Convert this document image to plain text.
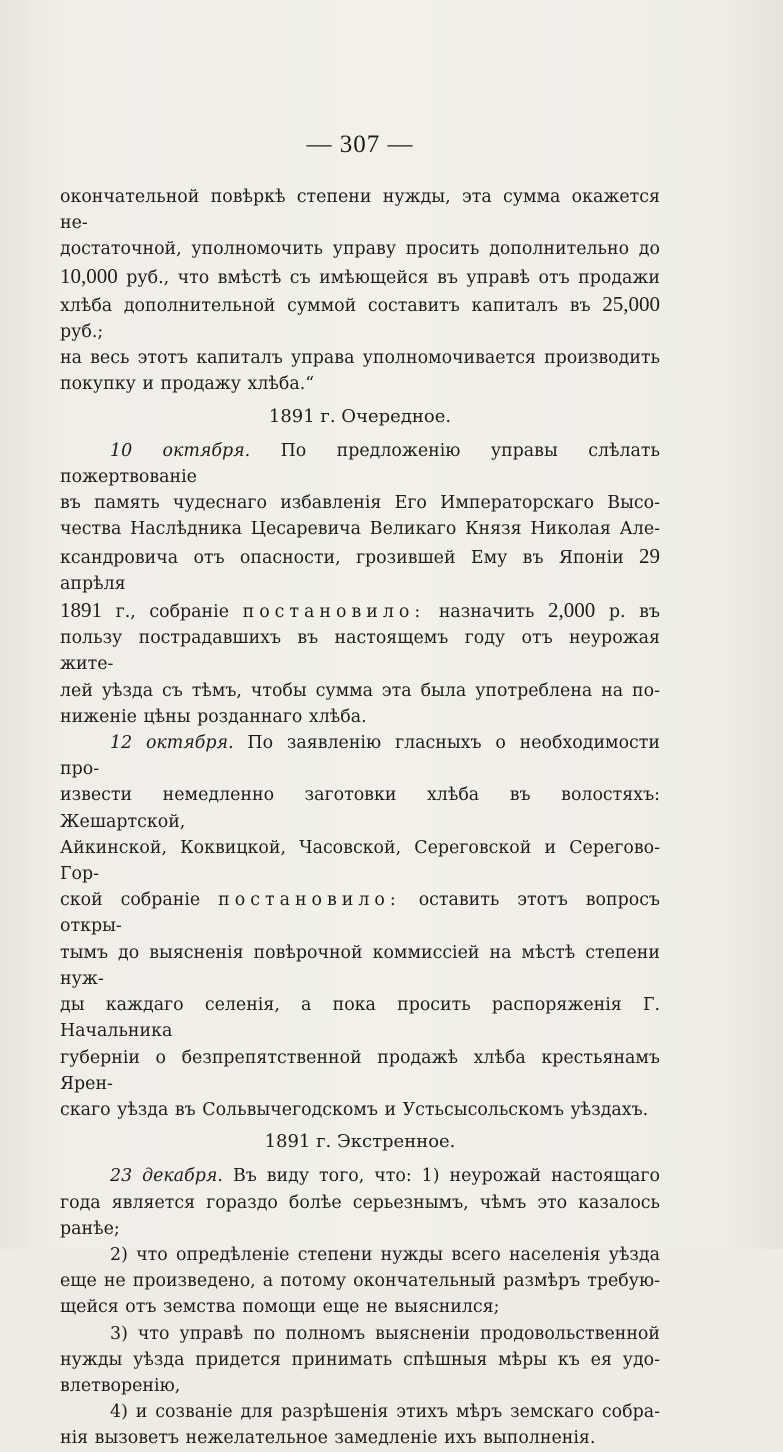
— 307 —

окончательной повѣркѣ степени нужды, эта сумма окажется не-

достаточной, уполномочить управу просить дополнительно до

10,000 руб., что вмѣстѣ съ имѣющейся въ управѣ отъ продажи

хлѣба дополнительной суммой составитъ капиталъ въ 25,000 руб.;

на весь этотъ капиталъ управа уполномочивается производить

покупку и продажу хлѣба.“

1891 г. Очередное.

10 октября. По предложенію управы слѣлать пожертвованіе

въ память чудеснаго избавленія Его Императорскаго Высо-

чества Наслѣдника Цесаревича Великаго Князя Николая Але-

ксандровича отъ опасности, грозившей Ему въ Японіи 29 апрѣля

1891 г., собраніе постановило: назначить 2,000 р. въ

пользу пострадавшихъ въ настоящемъ году отъ неурожая жите-

лей уѣзда съ тѣмъ, чтобы сумма эта была употреблена на по-

ниженіе цѣны розданнаго хлѣба.

12 октября. По заявленію гласныхъ о необходимости про-

извести немедленно заготовки хлѣба въ волостяхъ: Жешартской,

Айкинской, Коквицкой, Часовской, Сереговской и Серегово-Гор-

ской собраніе постановило: оставить этотъ вопросъ откры-

тымъ до выясненія повѣрочной коммиссіей на мѣстѣ степени нуж-

ды каждаго селенія, а пока просить распоряженія Г. Начальника

губерніи о безпрепятственной продажѣ хлѣба крестьянамъ Ярен-

скаго уѣзда въ Сольвычегодскомъ и Устьсысольскомъ уѣздахъ.

1891 г. Экстренное.

23 декабря. Въ виду того, что: 1) неурожай настоящаго

года является гораздо болѣе серьезнымъ, чѣмъ это казалось

ранѣе;

2) что опредѣленіе степени нужды всего населенія уѣзда

еще не произведено, а потому окончательный размѣръ требую-

щейся отъ земства помощи еще не выяснился;

3) что управѣ по полномъ выясненіи продовольственной

нужды уѣзда придется принимать спѣшныя мѣры къ ея удо-

влетворенію,

4) и созваніе для разрѣшенія этихъ мѣръ земскаго собра-

нія вызоветъ нежелательное замедленіе ихъ выполненія.
